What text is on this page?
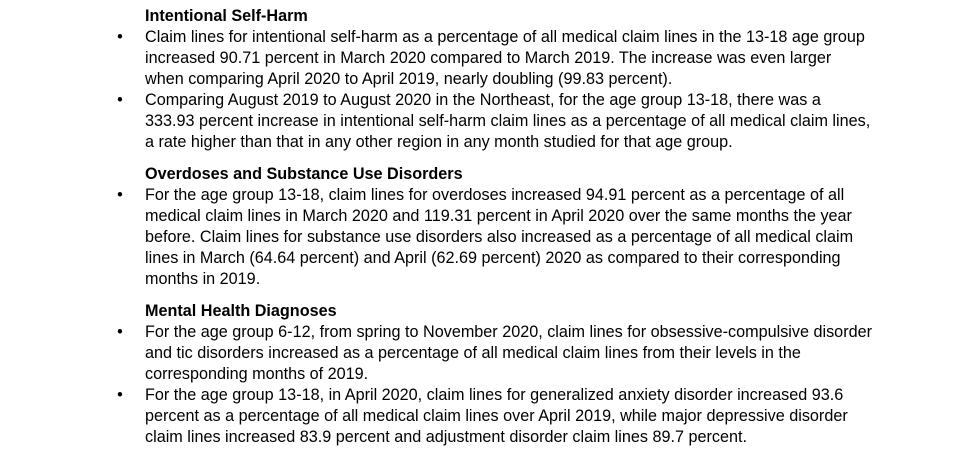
Intentional Self-Harm

• Claim lines for intentional self-harm as a percentage of all medical claim lines in the 13-18 age group increased 90.71 percent in March 2020 compared to March 2019. The increase was even larger when comparing April 2020 to April 2019, nearly doubling (99.83 percent).
• Comparing August 2019 to August 2020 in the Northeast, for the age group 13-18, there was a 333.93 percent increase in intentional self-harm claim lines as a percentage of all medical claim lines, a rate higher than that in any other region in any month studied for that age group.

Overdoses and Substance Use Disorders

• For the age group 13-18, claim lines for overdoses increased 94.91 percent as a percentage of all medical claim lines in March 2020 and 119.31 percent in April 2020 over the same months the year before. Claim lines for substance use disorders also increased as a percentage of all medical claim lines in March (64.64 percent) and April (62.69 percent) 2020 as compared to their corresponding months in 2019.

Mental Health Diagnoses

• For the age group 6-12, from spring to November 2020, claim lines for obsessive-compulsive disorder and tic disorders increased as a percentage of all medical claim lines from their levels in the corresponding months of 2019.
• For the age group 13-18, in April 2020, claim lines for generalized anxiety disorder increased 93.6 percent as a percentage of all medical claim lines over April 2019, while major depressive disorder claim lines increased 83.9 percent and adjustment disorder claim lines 89.7 percent.
